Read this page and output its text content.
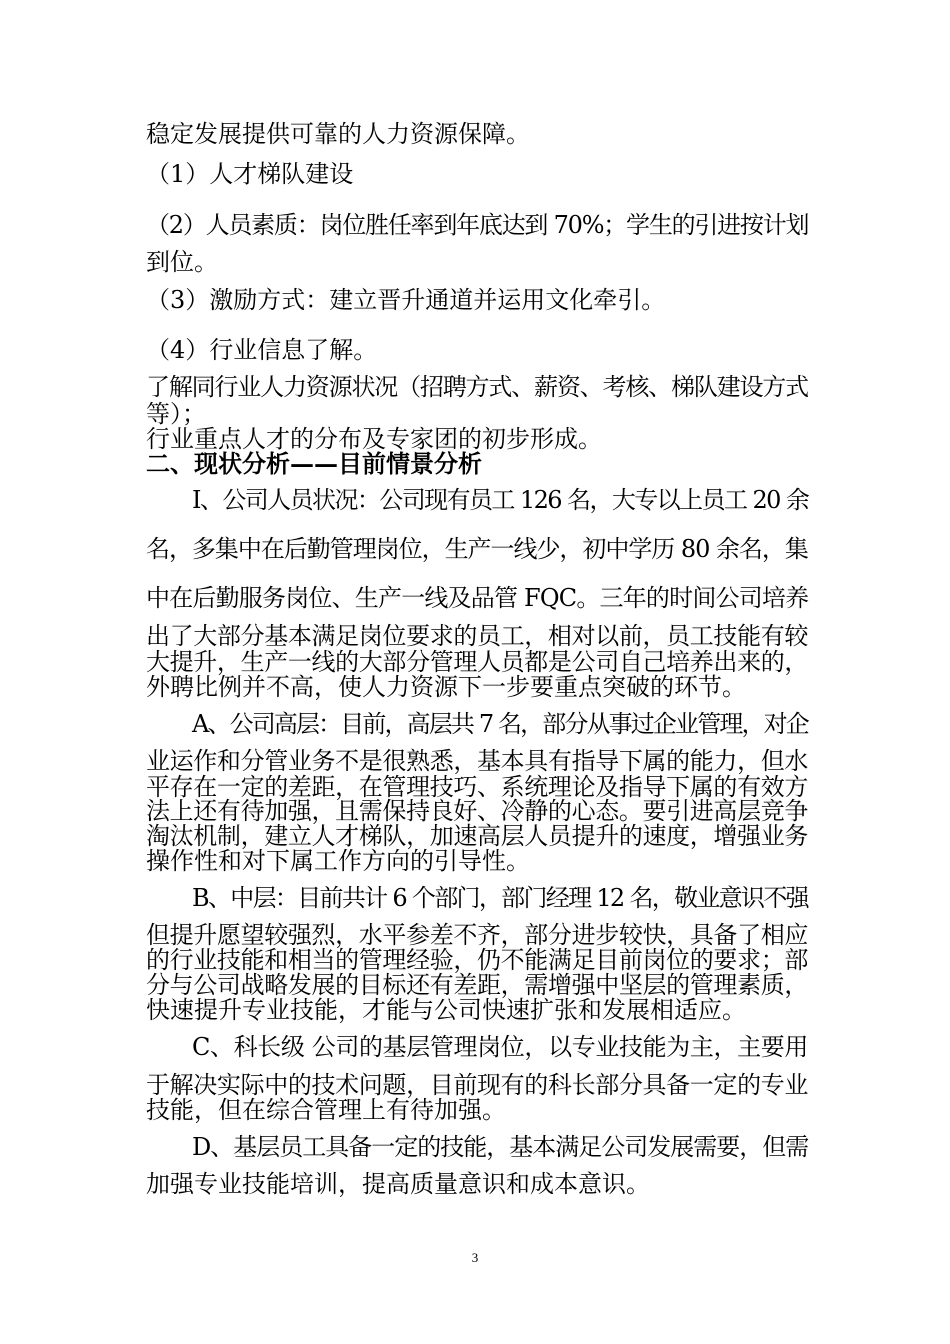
稳定发展提供可靠的人力资源保障。
（1）人才梯队建设
（2）人员素质：岗位胜任率到年底达到 70%；学生的引进按计划
到位。
（3）激励方式：建立晋升通道并运用文化牵引。
（4）行业信息了解。
了解同行业人力资源状况（招聘方式、薪资、考核、梯队建设方式
等）；
行业重点人才的分布及专家团的初步形成。
二、现状分析——目前情景分析
I、公司人员状况：公司现有员工 126 名，大专以上员工 20 余
名，多集中在后勤管理岗位，生产一线少，初中学历 80 余名，集
中在后勤服务岗位、生产一线及品管 FQC。三年的时间公司培养
出了大部分基本满足岗位要求的员工，相对以前，员工技能有较
大提升，生产一线的大部分管理人员都是公司自己培养出来的，
外聘比例并不高，使人力资源下一步要重点突破的环节。
A、公司高层：目前，高层共 7 名，部分从事过企业管理，对企
业运作和分管业务不是很熟悉，基本具有指导下属的能力，但水
平存在一定的差距，在管理技巧、系统理论及指导下属的有效方
法上还有待加强，且需保持良好、冷静的心态。要引进高层竞争
淘汰机制，建立人才梯队，加速高层人员提升的速度，增强业务
操作性和对下属工作方向的引导性。
B、中层：目前共计 6 个部门，部门经理 12 名，敬业意识不强
但提升愿望较强烈，水平参差不齐，部分进步较快，具备了相应
的行业技能和相当的管理经验，仍不能满足目前岗位的要求；部
分与公司战略发展的目标还有差距，需增强中坚层的管理素质，
快速提升专业技能，才能与公司快速扩张和发展相适应。
C、科长级 公司的基层管理岗位，以专业技能为主，主要用
于解决实际中的技术问题，目前现有的科长部分具备一定的专业
技能，但在综合管理上有待加强。
D、基层员工具备一定的技能，基本满足公司发展需要，但需
加强专业技能培训，提高质量意识和成本意识。
3
